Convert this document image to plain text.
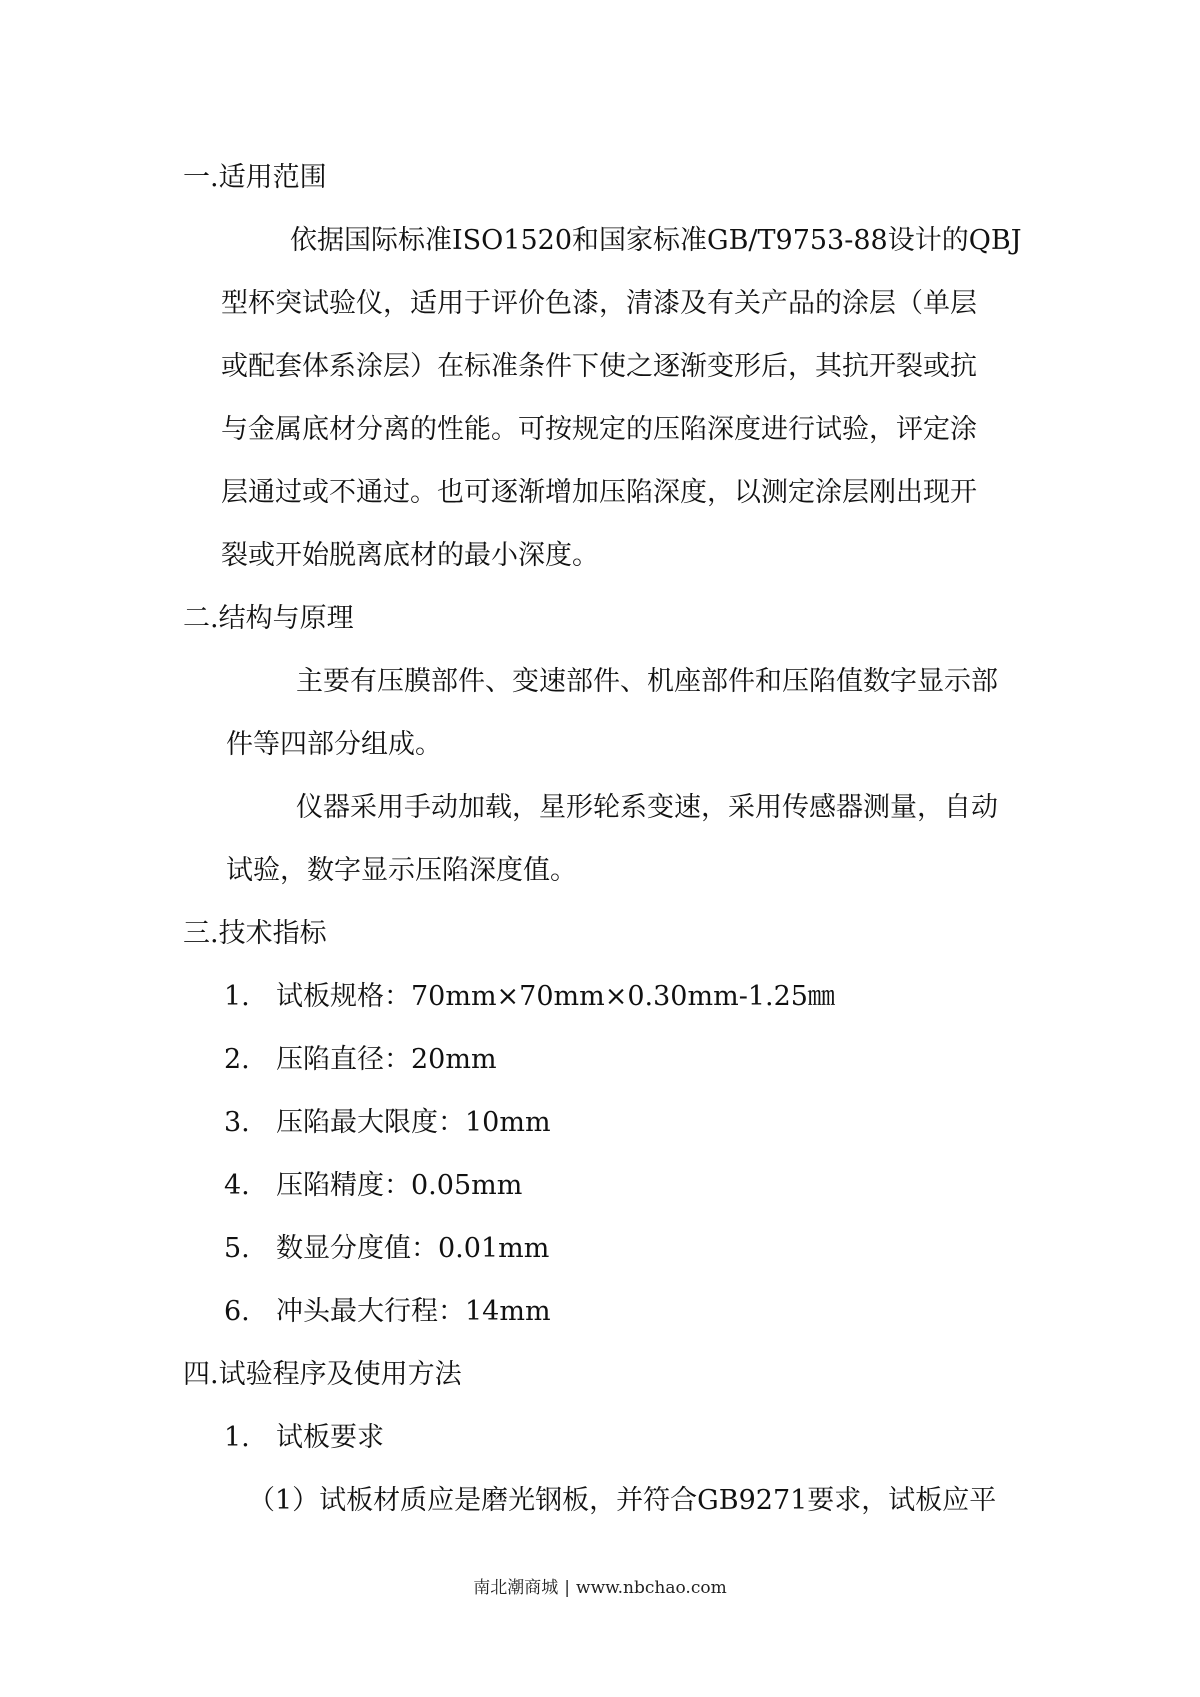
一.适用范围
依据国际标准ISO1520和国家标准GB/T9753-88设计的QBJ
型杯突试验仪，适用于评价色漆，清漆及有关产品的涂层（单层
或配套体系涂层）在标准条件下使之逐渐变形后，其抗开裂或抗
与金属底材分离的性能。可按规定的压陷深度进行试验，评定涂
层通过或不通过。也可逐渐增加压陷深度，以测定涂层刚出现开
裂或开始脱离底材的最小深度。
二.结构与原理
主要有压膜部件、变速部件、机座部件和压陷值数字显示部
件等四部分组成。
仪器采用手动加载，星形轮系变速，采用传感器测量，自动
试验，数字显示压陷深度值。
三.技术指标
1. 试板规格：70mm×70mm×0.30mm-1.25㎜
2. 压陷直径：20mm
3. 压陷最大限度：10mm
4. 压陷精度：0.05mm
5. 数显分度值：0.01mm
6. 冲头最大行程：14mm
四.试验程序及使用方法
1. 试板要求
（1）试板材质应是磨光钢板，并符合GB9271要求，试板应平
南北潮商城 | www.nbchao.com
